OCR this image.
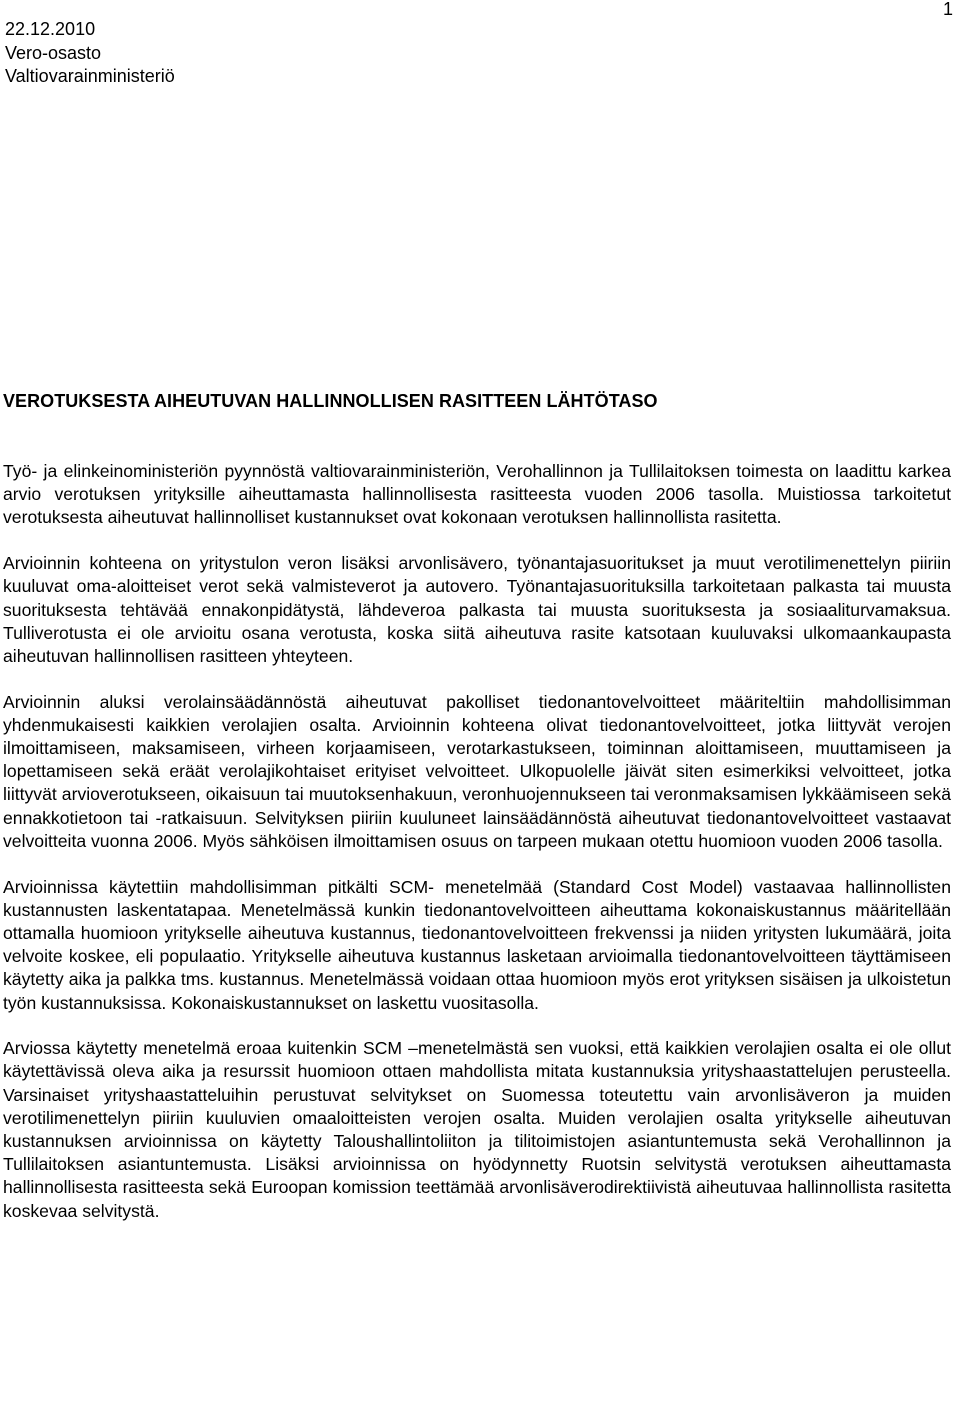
22.12.2010
Vero-osasto
Valtiovarainministeriö
1
VEROTUKSESTA AIHEUTUVAN HALLINNOLLISEN RASITTEEN LÄHTÖTASO

Työ- ja elinkeinoministeriön pyynnöstä valtiovarainministeriön, Verohallinnon ja Tullilaitoksen toimesta on laadittu karkea arvio verotuksen yrityksille aiheuttamasta hallinnollisesta rasitteesta vuoden 2006 tasolla. Muistiossa tarkoitetut verotuksesta aiheutuvat hallinnolliset kustannukset ovat kokonaan verotuksen hallinnollista rasitetta.

Arvioinnin kohteena on yritystulon veron lisäksi arvonlisävero, työnantajasuoritukset ja muut verotilimenettelyn piiriin kuuluvat oma-aloitteiset verot sekä valmisteverot ja autovero. Työnantajasuorituksilla tarkoitetaan palkasta tai muusta suorituksesta tehtävää ennakonpidätystä, lähdeveroa palkasta tai muusta suorituksesta ja sosiaaliturvamaksua. Tulliverotusta ei ole arvioitu osana verotusta, koska siitä aiheutuva rasite katsotaan kuuluvaksi ulkomaankaupasta aiheutuvan hallinnollisen rasitteen yhteyteen.

Arvioinnin aluksi verolainsäädännöstä aiheutuvat pakolliset tiedonantovelvoitteet määriteltiin mahdollisimman yhdenmukaisesti kaikkien verolajien osalta. Arvioinnin kohteena olivat tiedonantovelvoitteet, jotka liittyvät verojen ilmoittamiseen, maksamiseen, virheen korjaamiseen, verotarkastukseen, toiminnan aloittamiseen, muuttamiseen ja lopettamiseen sekä eräät verolajikohtaiset erityiset velvoitteet. Ulkopuolelle jäivät siten esimerkiksi velvoitteet, jotka liittyvät arvioverotukseen, oikaisuun tai muutoksenhakuun, veronhuojennukseen tai veronmaksamisen lykkäämiseen sekä ennakkotietoon tai -ratkaisuun. Selvityksen piiriin kuuluneet lainsäädännöstä aiheutuvat tiedonantovelvoitteet vastaavat velvoitteita vuonna 2006. Myös sähköisen ilmoittamisen osuus on tarpeen mukaan otettu huomioon vuoden 2006 tasolla.

Arvioinnissa käytettiin mahdollisimman pitkälti SCM- menetelmää (Standard Cost Model) vastaavaa hallinnollisten kustannusten laskentatapaa. Menetelmässä kunkin tiedonantovelvoitteen aiheuttama kokonaiskustannus määritellään ottamalla huomioon yritykselle aiheutuva kustannus, tiedonantovelvoitteen frekvenssi ja niiden yritysten lukumäärä, joita velvoite koskee, eli populaatio. Yritykselle aiheutuva kustannus lasketaan arvioimalla tiedonantovelvoitteen täyttämiseen käytetty aika ja palkka tms. kustannus. Menetelmässä voidaan ottaa huomioon myös erot yrityksen sisäisen ja ulkoistetun työn kustannuksissa. Kokonaiskustannukset on laskettu vuositasolla.

Arviossa käytetty menetelmä eroaa kuitenkin SCM –menetelmästä sen vuoksi, että kaikkien verolajien osalta ei ole ollut käytettävissä oleva aika ja resurssit huomioon ottaen mahdollista mitata kustannuksia yrityshaastattelujen perusteella. Varsinaiset yrityshaastatteluihin perustuvat selvitykset on Suomessa toteutettu vain arvonlisäveron ja muiden verotilimenettelyn piiriin kuuluvien omaaloitteisten verojen osalta. Muiden verolajien osalta yritykselle aiheutuvan kustannuksen arvioinnissa on käytetty Taloushallintoliiton ja tilitoimistojen asiantuntemusta sekä Verohallinnon ja Tullilaitoksen asiantuntemusta. Lisäksi arvioinnissa on hyödynnetty Ruotsin selvitystä verotuksen aiheuttamasta hallinnollisesta rasitteesta sekä Euroopan komission teettämää arvonlisäverodirektiivistä aiheutuvaa hallinnollista rasitetta koskevaa selvitystä.
